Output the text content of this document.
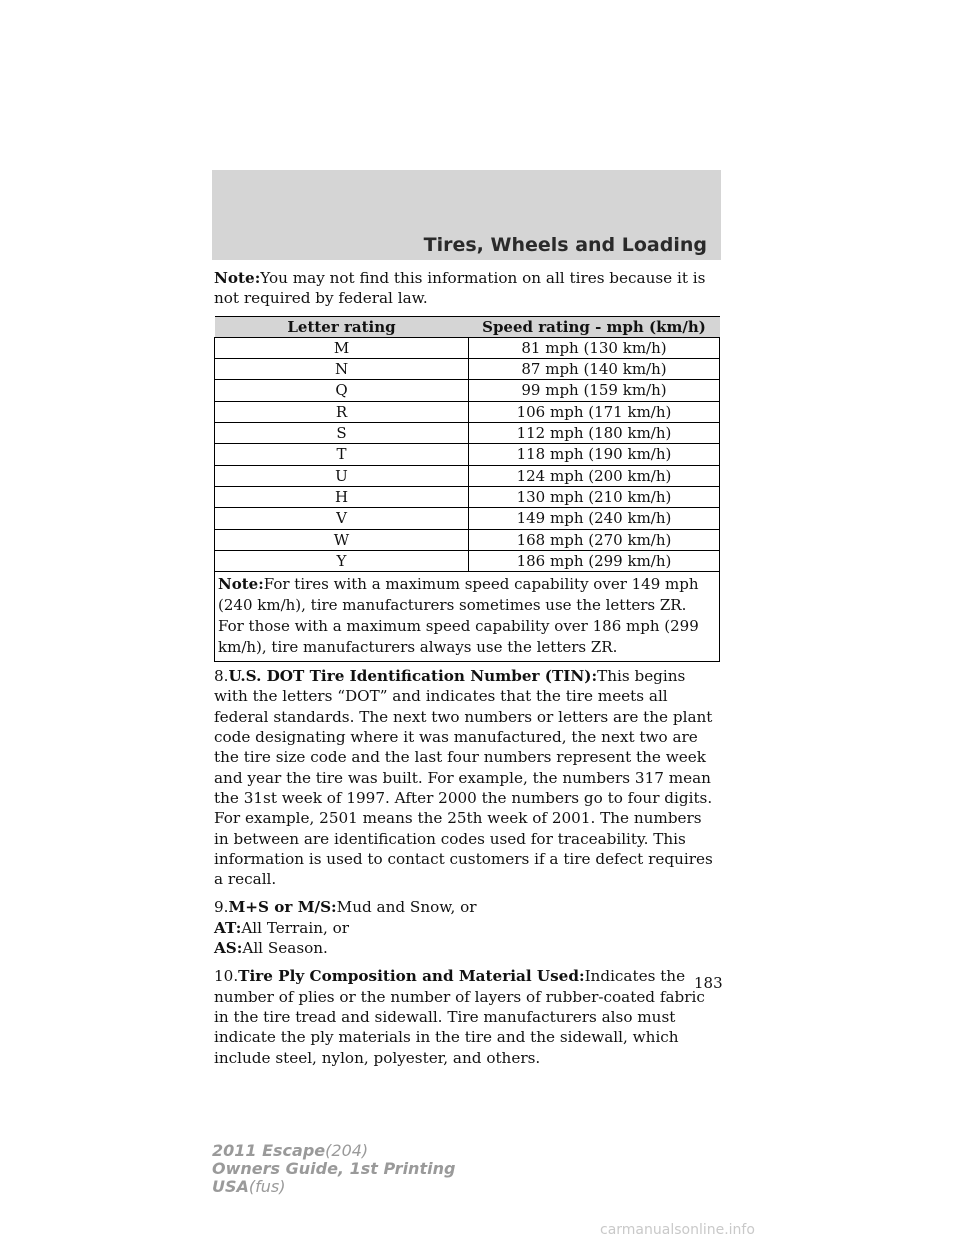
Tires, Wheels and Loading

Note:You may not find this information on all tires because it is not required by federal law.

Letter rating	Speed rating - mph (km/h)
M	81 mph (130 km/h)
N	87 mph (140 km/h)
Q	99 mph (159 km/h)
R	106 mph (171 km/h)
S	112 mph (180 km/h)
T	118 mph (190 km/h)
U	124 mph (200 km/h)
H	130 mph (210 km/h)
V	149 mph (240 km/h)
W	168 mph (270 km/h)
Y	186 mph (299 km/h)
Note:For tires with a maximum speed capability over 149 mph (240 km/h), tire manufacturers sometimes use the letters ZR. For those with a maximum speed capability over 186 mph (299 km/h), tire manufacturers always use the letters ZR.	

8.U.S. DOT Tire Identification Number (TIN):This begins with the letters “DOT” and indicates that the tire meets all federal standards. The next two numbers or letters are the plant code designating where it was manufactured, the next two are the tire size code and the last four numbers represent the week and year the tire was built. For example, the numbers 317 mean the 31st week of 1997. After 2000 the numbers go to four digits. For example, 2501 means the 25th week of 2001. The numbers in between are identification codes used for traceability. This information is used to contact customers if a tire defect requires a recall.

9.M+S or M/S:Mud and Snow, or

AT:All Terrain, or

AS:All Season.

10.Tire Ply Composition and Material Used:Indicates the number of plies or the number of layers of rubber-coated fabric in the tire tread and sidewall. Tire manufacturers also must indicate the ply materials in the tire and the sidewall, which include steel, nylon, polyester, and others.

183
2011 Escape(204)
Owners Guide, 1st Printing
USA(fus)
carmanualsonline.info
